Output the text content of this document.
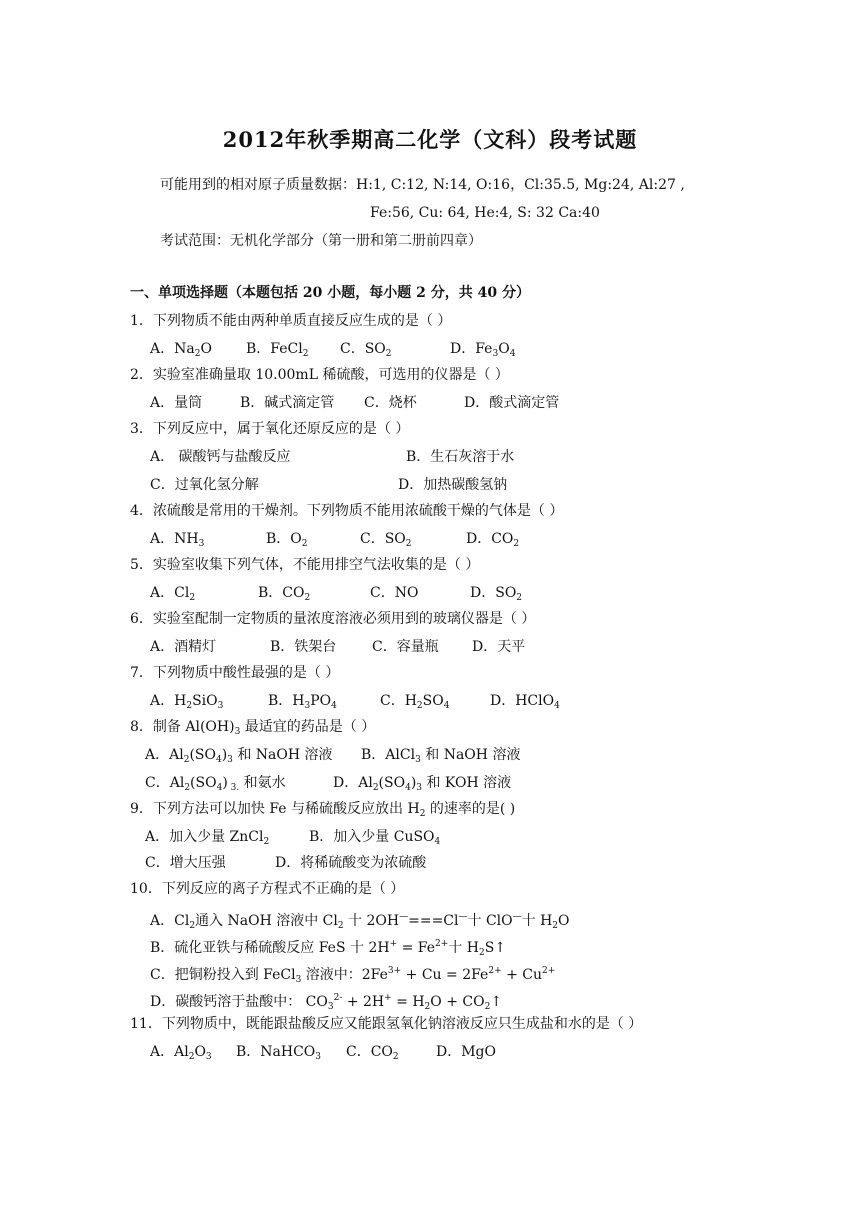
2012年秋季期高二化学（文科）段考试题
可能用到的相对原子质量数据：H:1, C:12, N:14, O:16，Cl:35.5, Mg:24, Al:27 ,
Fe:56, Cu: 64, He:4, S: 32 Ca:40
考试范围：无机化学部分（第一册和第二册前四章）
一、单项选择题（本题包括 20 小题，每小题 2 分，共 40 分）
1．下列物质不能由两种单质直接反应生成的是（ ）
A．$Na_2O$ B．FeCl$_2$ C．$SO_2$	D．$Fe_3O_4$
2．实验室准确量取 10.00mL 稀硫酸，可选用的仪器是（ ）
A．量筒	B．碱式滴定管 C．烧杯	D．酸式滴定管
3．下列反应中，属于氧化还原反应的是（ ）
A． 碳酸钙与盐酸反应	B．生石灰溶于水
C．过氧化氢分解	D．加热碳酸氢钠
4．浓硫酸是常用的干燥剂。下列物质不能用浓硫酸干燥的气体是（ ）
A．$NH_3$	B．$O_2$	C．$SO_2$	D．$CO_2$
5．实验室收集下列气体，不能用排空气法收集的是（ ）
A．$Cl_2$	B．$CO_2$	C．NO	D．$SO_2$
6．实验室配制一定物质的量浓度溶液必须用到的玻璃仪器是（ ）
A．酒精灯	B．铁架台	C．容量瓶 D．天平
7．下列物质中酸性最强的是（ ）
A．$H_2SiO_3$	B．$H_3PO_4$	C．$H_2SO_4$	D．HClO$_4$
8．制备 $Al(OH)_3$ 最适宜的药品是（ ）
A．$Al_2(SO_4)_3$ 和 NaOH 溶液 B．AlCl$_3$ 和 NaOH 溶液
C．$Al_2(SO_4)$ $_{3.}$ 和氨水	D．$Al_2(SO_4)_3$ 和 KOH 溶液
9．下列方法可以加快 Fe 与稀硫酸反应放出 $H_2$ 的速率的是( )
A．加入少量 ZnCl$_2$	B．加入少量 CuSO$_4$
C．增大压强	D．将稀硫酸变为浓硫酸
10．下列反应的离子方程式不正确的是（ ）
A．$Cl_2$通入 NaOH 溶液中 $Cl_2$ 十 2OH—===Cl—十 ClO—十 $H_2O$
B．硫化亚铁与稀硫酸反应 FeS 十 $2H^+ = Fe^{2+}$十 $H_2S↑$
C．把铜粉投入到 FeCl$_3$ 溶液中：$2Fe^{3+} + Cu = 2Fe^{2+} + Cu^{2+}$
D．碳酸钙溶于盐酸中： $CO_3^{2-} + 2H^+ = H_2O$ + $CO_2↑$
11．下列物质中，既能跟盐酸反应又能跟氢氧化钠溶液反应只生成盐和水的是（ ）
A．$Al_2O_3$ B．NaHCO$_3$ C．$CO_2$	D．MgO
